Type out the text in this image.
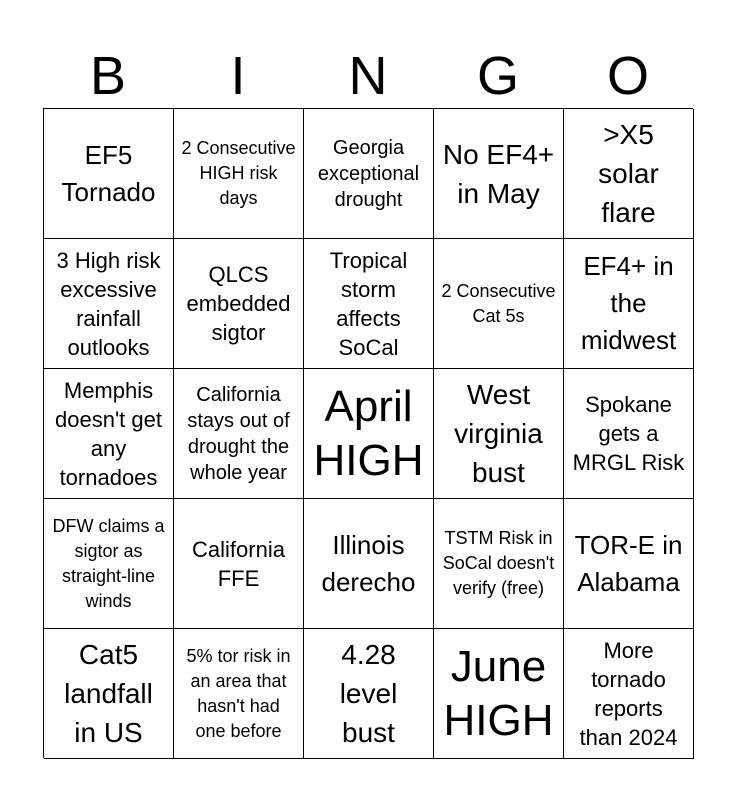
B	I	N	G	O
EF5 Tornado
2 Consecutive HIGH risk days
Georgia exceptional drought
No EF4+ in May
>X5 solar flare
3 High risk excessive rainfall outlooks
QLCS embedded sigtor
Tropical storm affects SoCal
2 Consecutive Cat 5s
EF4+ in the midwest
Memphis doesn't get any tornadoes
California stays out of drought the whole year
April HIGH
West virginia bust
Spokane gets a MRGL Risk
DFW claims a sigtor as straight-line winds
California FFE
Illinois derecho
TSTM Risk in SoCal doesn't verify (free)
TOR-E in Alabama
Cat5 landfall in US
5% tor risk in an area that hasn't had one before
4.28 level bust
June HIGH
More tornado reports than 2024
